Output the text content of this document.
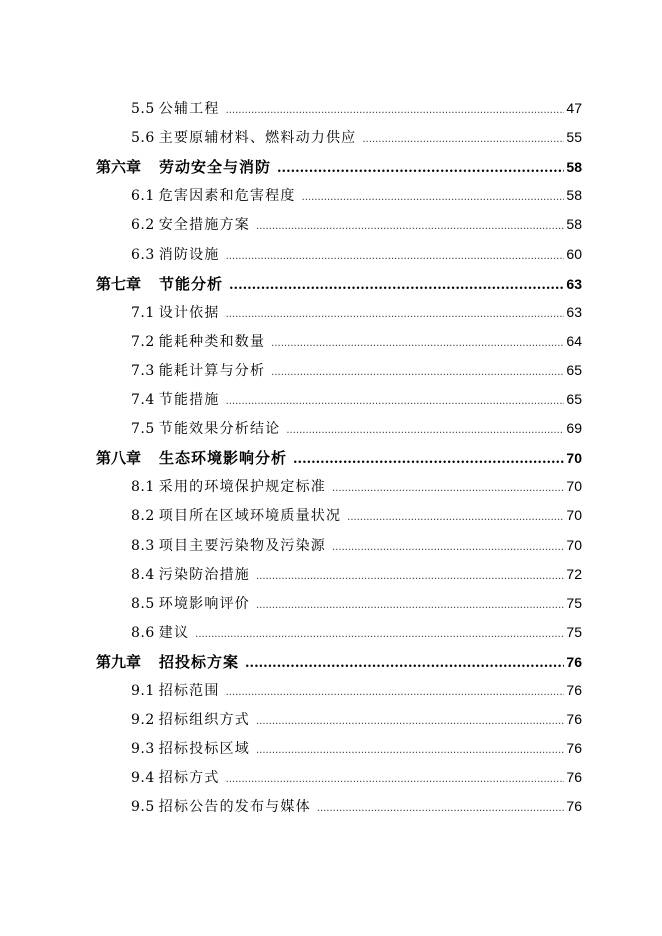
5.5 公辅工程 .....	47
5.6 主要原辅材料、燃料动力供应 .....	55
第六章 劳动安全与消防 .....	58
6.1 危害因素和危害程度 .....	58
6.2 安全措施方案 .....	58
6.3 消防设施 .....	60
第七章 节能分析 .....	63
7.1 设计依据 .....	63
7.2 能耗种类和数量 .....	64
7.3 能耗计算与分析 .....	65
7.4 节能措施 .....	65
7.5 节能效果分析结论 .....	69
第八章 生态环境影响分析 .....	70
8.1 采用的环境保护规定标准 .....	70
8.2 项目所在区域环境质量状况 .....	70
8.3 项目主要污染物及污染源 .....	70
8.4 污染防治措施 .....	72
8.5 环境影响评价 .....	75
8.6 建议 .....	75
第九章 招投标方案 .....	76
9.1 招标范围 .....	76
9.2 招标组织方式 .....	76
9.3 招标投标区域 .....	76
9.4 招标方式 .....	76
9.5 招标公告的发布与媒体 .....	76
